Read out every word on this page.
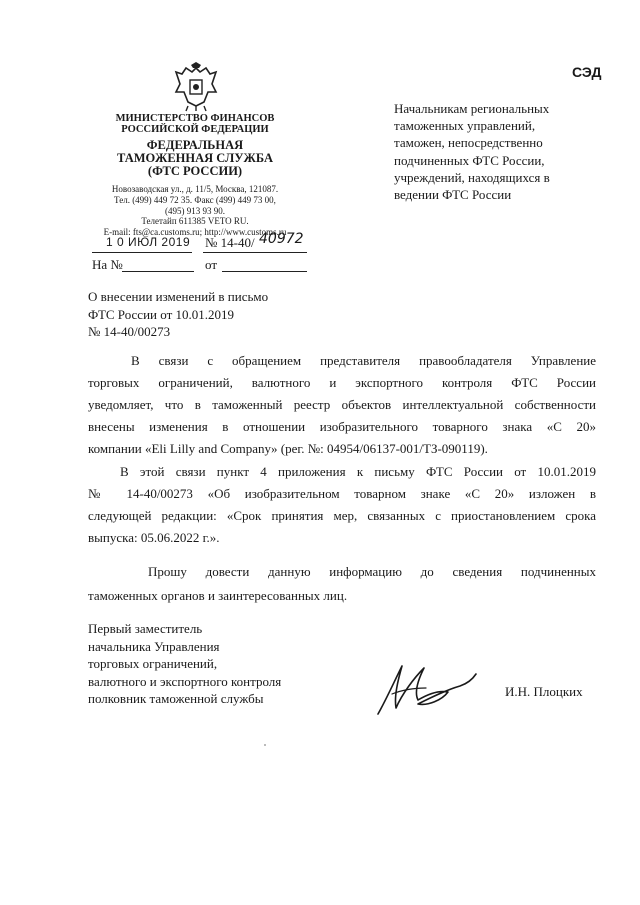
СЭД
МИНИСТЕРСТВО ФИНАНСОВ
РОССИЙСКОЙ ФЕДЕРАЦИИ
ФЕДЕРАЛЬНАЯ
ТАМОЖЕННАЯ СЛУЖБА
(ФТС РОССИИ)
Новозаводская ул., д. 11/5, Москва, 121087.
Тел. (499) 449 72 35. Факс (499) 449 73 00,
(495) 913 93 90.
Телетайп 611385 VETO RU.
E-mail: fts@ca.customs.ru; http://www.customs.ru
1 0 ИЮЛ 2019 № 14-40/ 40972
На №	от
Начальникам региональных
таможенных управлений,
таможен, непосредственно
подчиненных ФТС России,
учреждений, находящихся в
ведении ФТС России
О внесении изменений в письмо
ФТС России от 10.01.2019
№ 14-40/00273
В связи с обращением представителя правообладателя Управление
торговых ограничений, валютного и экспортного контроля ФТС России
уведомляет, что в таможенный реестр объектов интеллектуальной собственности
внесены изменения в отношении изобразительного товарного знака «С 20»
компании «Eli Lilly and Company» (рег. №: 04954/06137-001/ТЗ-090119).
В этой связи пункт 4 приложения к письму ФТС России от 10.01.2019
№ 14-40/00273 «Об изобразительном товарном знаке «С 20» изложен в
следующей редакции: «Срок принятия мер, связанных с приостановлением срока
выпуска: 05.06.2022 г.».
Прошу довести данную информацию до сведения подчиненных
таможенных органов и заинтересованных лиц.
Первый заместитель
начальника Управления
торговых ограничений,
валютного и экспортного контроля
полковник таможенной службы	И.Н. Плоцких
